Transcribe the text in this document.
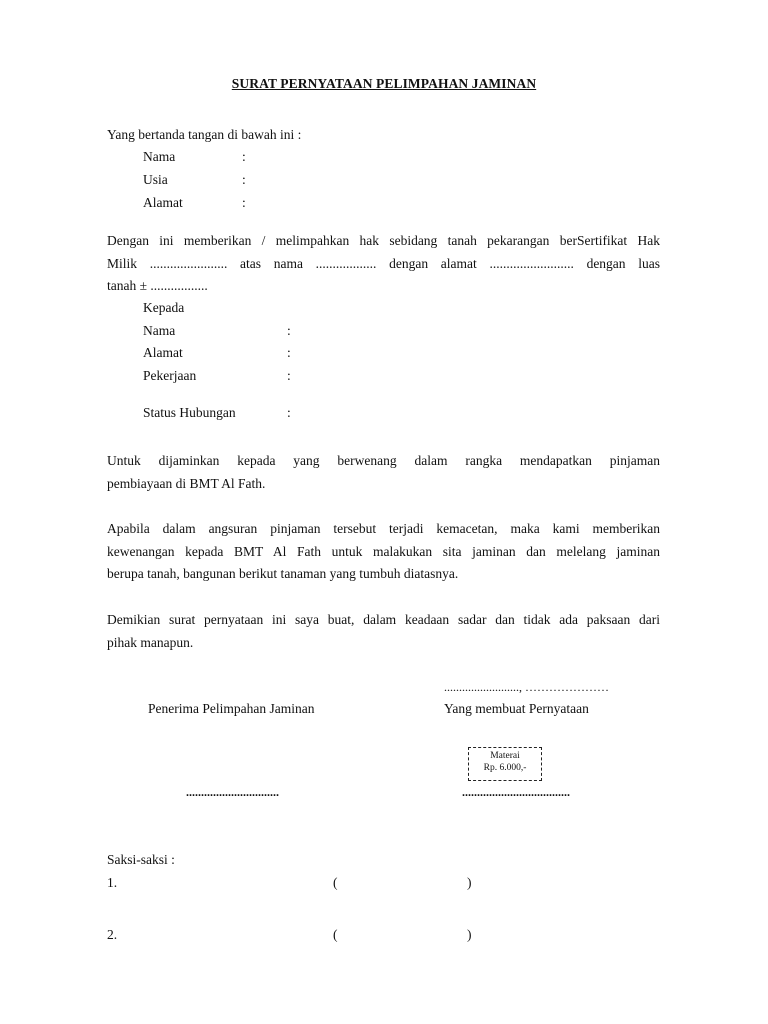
SURAT PERNYATAAN PELIMPAHAN JAMINAN
Yang bertanda tangan di bawah ini :
Nama	:
Usia	:
Alamat	:
Dengan ini memberikan / melimpahkan hak sebidang tanah pekarangan berSertifikat Hak
Milik ....................... atas nama .................. dengan alamat ......................... dengan luas
tanah ± .................
Kepada
Nama	:
Alamat	:
Pekerjaan	:
Status Hubungan	:
Untuk dijaminkan kepada yang berwenang dalam rangka mendapatkan pinjaman
pembiayaan di BMT Al Fath.
Apabila dalam angsuran pinjaman tersebut terjadi kemacetan, maka kami memberikan
kewenangan kepada BMT Al Fath untuk malakukan sita jaminan dan melelang jaminan
berupa tanah, bangunan berikut tanaman yang tumbuh diatasnya.
Demikian surat pernyataan ini saya buat, dalam keadaan sadar dan tidak ada paksaan dari
pihak manapun.
........................., …………………
Penerima Pelimpahan Jaminan	Yang membuat Pernyataan
Materai
Rp. 6.000,-
...............................	....................................
Saksi-saksi :
1.	(	)
2.	(	)
